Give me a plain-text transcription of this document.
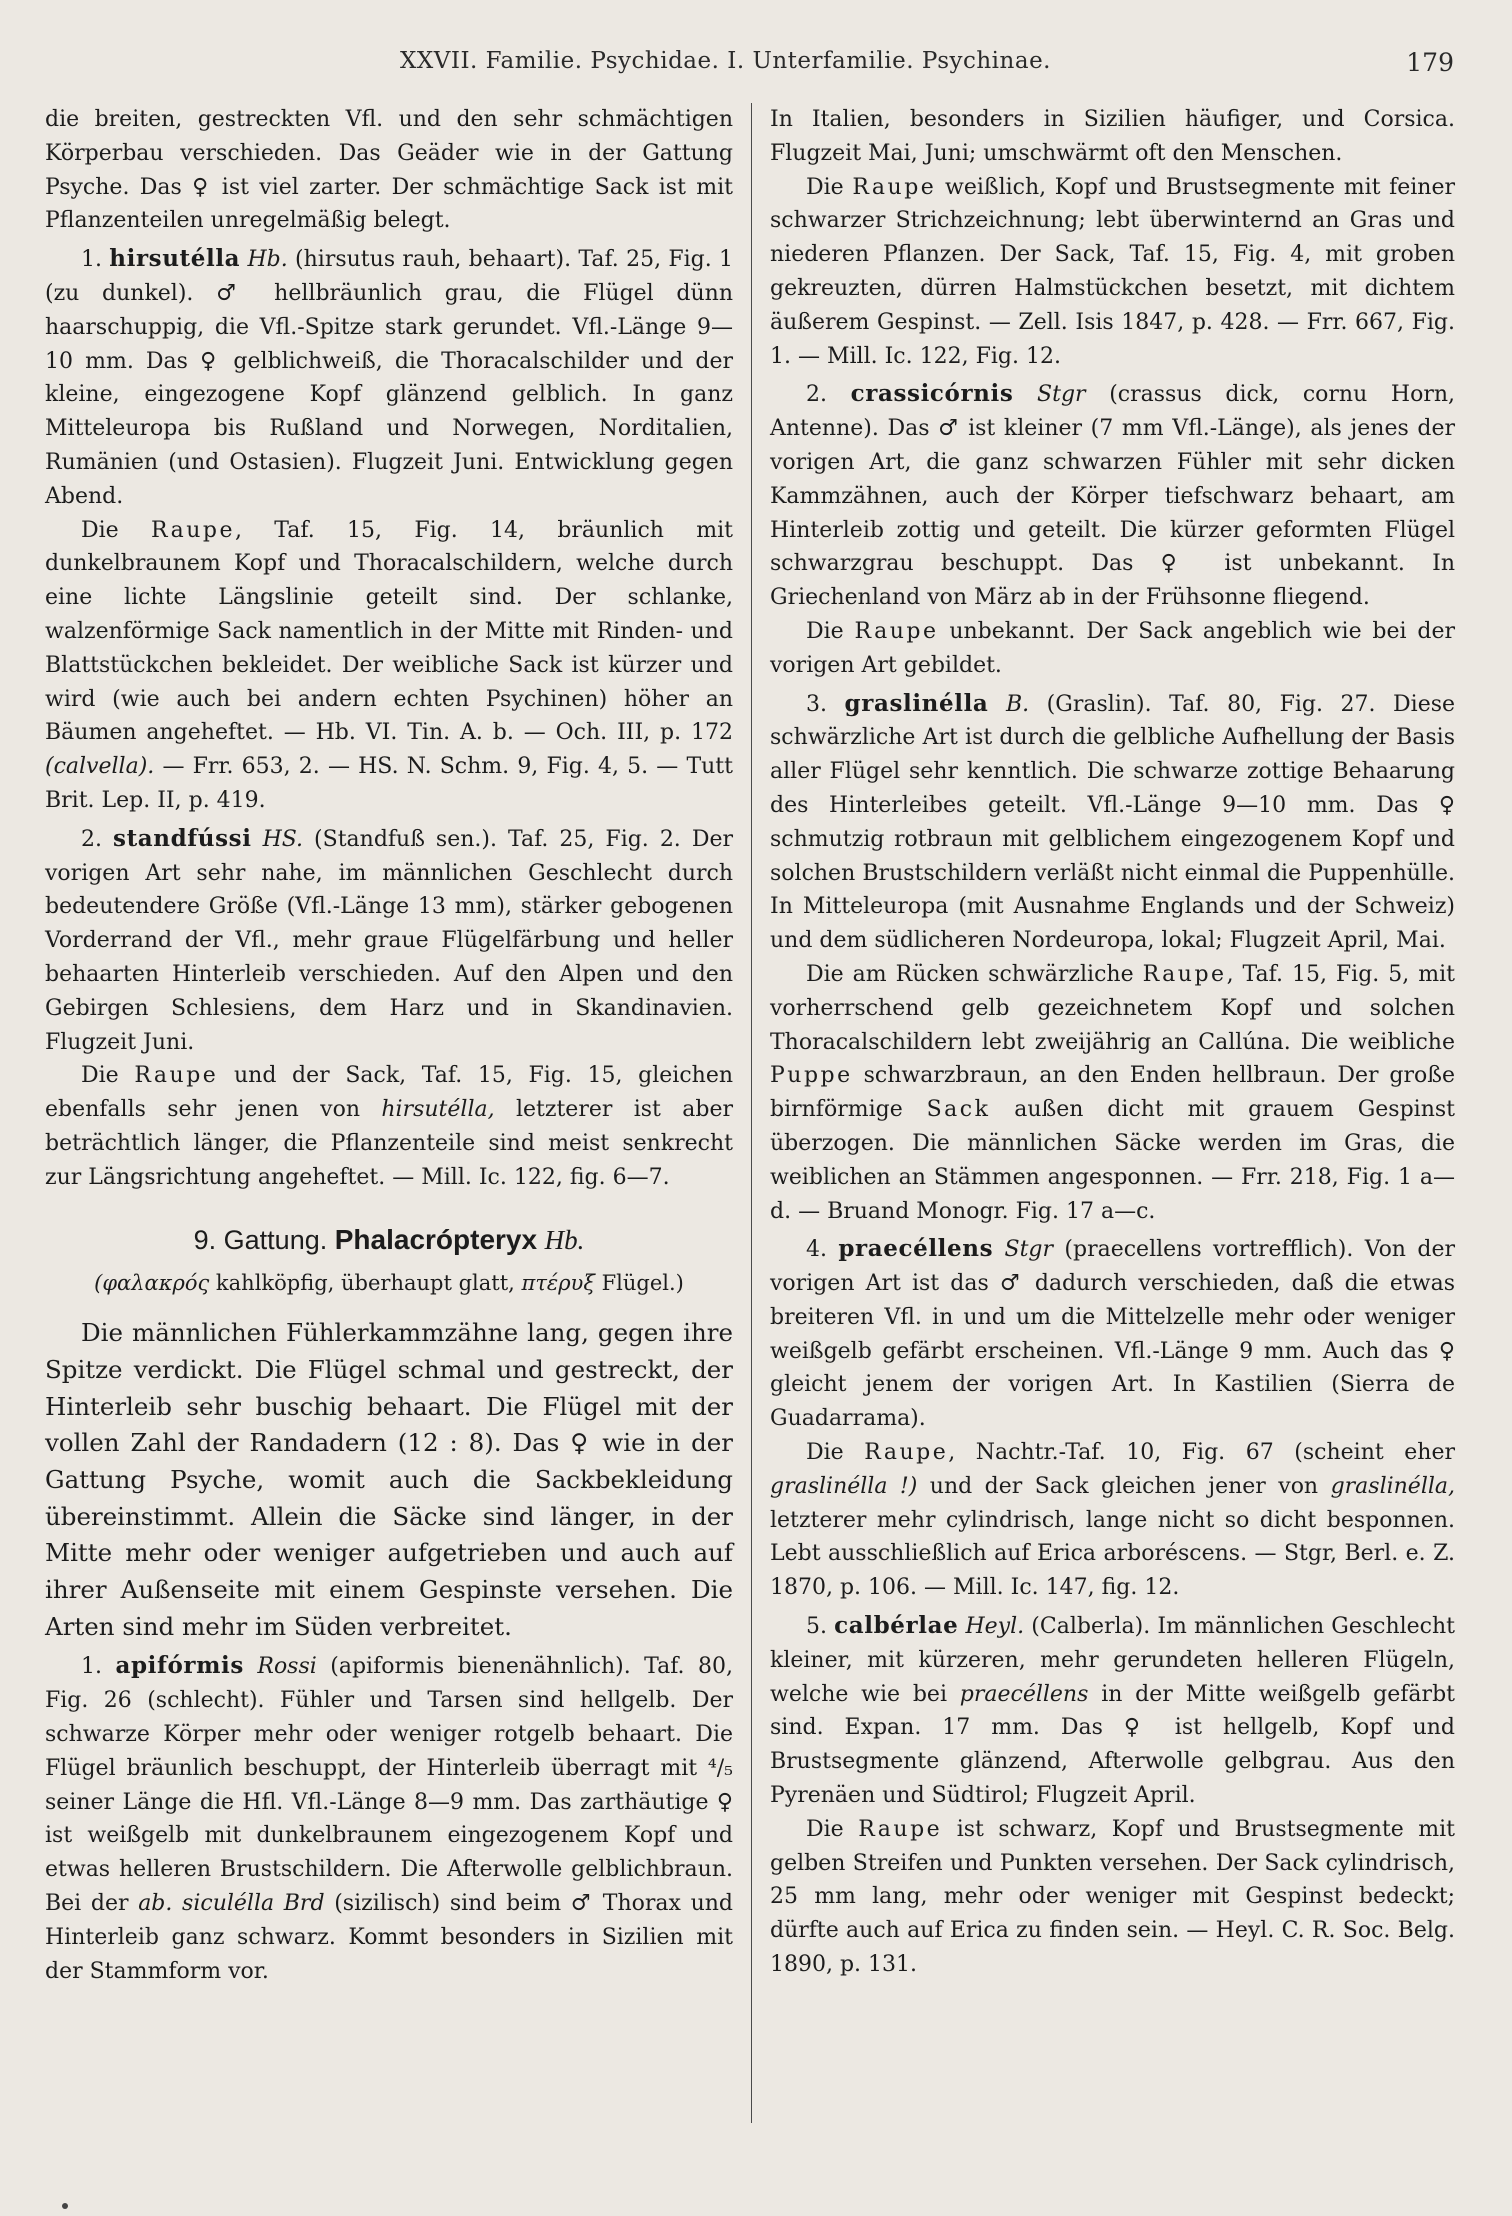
XXVII. Familie. Psychidae. I. Unterfamilie. Psychinae.	179

die breiten, gestreckten Vfl. und den sehr schmächtigen Körperbau verschieden. Das Geäder wie in der Gattung Psyche. Das ♀ ist viel zarter. Der schmächtige Sack ist mit Pflanzenteilen unregelmäßig belegt.

1. hirsutélla Hb. (hirsutus rauh, behaart). Taf. 25, Fig. 1 (zu dunkel). ♂ hellbräunlich grau, die Flügel dünn haarschuppig, die Vfl.-Spitze stark gerundet. Vfl.-Länge 9—10 mm. Das ♀ gelblichweiß, die Thoracalschilder und der kleine, eingezogene Kopf glänzend gelblich. In ganz Mitteleuropa bis Rußland und Norwegen, Norditalien, Rumänien (und Ostasien). Flugzeit Juni. Entwicklung gegen Abend.

Die Raupe, Taf. 15, Fig. 14, bräunlich mit dunkelbraunem Kopf und Thoracalschildern, welche durch eine lichte Längslinie geteilt sind. Der schlanke, walzenförmige Sack namentlich in der Mitte mit Rinden- und Blattstückchen bekleidet. Der weibliche Sack ist kürzer und wird (wie auch bei andern echten Psychinen) höher an Bäumen angeheftet. — Hb. VI. Tin. A. b. — Och. III, p. 172 (calvella). — Frr. 653, 2. — HS. N. Schm. 9, Fig. 4, 5. — Tutt Brit. Lep. II, p. 419.

2. standfússi HS. (Standfuß sen.). Taf. 25, Fig. 2. Der vorigen Art sehr nahe, im männlichen Geschlecht durch bedeutendere Größe (Vfl.-Länge 13 mm), stärker gebogenen Vorderrand der Vfl., mehr graue Flügelfärbung und heller behaarten Hinterleib verschieden. Auf den Alpen und den Gebirgen Schlesiens, dem Harz und in Skandinavien. Flugzeit Juni.

Die Raupe und der Sack, Taf. 15, Fig. 15, gleichen ebenfalls sehr jenen von hirsutélla, letzterer ist aber beträchtlich länger, die Pflanzenteile sind meist senkrecht zur Längsrichtung angeheftet. — Mill. Ic. 122, fig. 6—7.

9. Gattung. Phalacrópteryx Hb.
(φαλακρός kahlköpfig, überhaupt glatt, πτέρυξ Flügel.)

Die männlichen Fühlerkammzähne lang, gegen ihre Spitze verdickt. Die Flügel schmal und gestreckt, der Hinterleib sehr buschig behaart. Die Flügel mit der vollen Zahl der Randadern (12 : 8). Das ♀ wie in der Gattung Psyche, womit auch die Sackbekleidung übereinstimmt. Allein die Säcke sind länger, in der Mitte mehr oder weniger aufgetrieben und auch auf ihrer Außenseite mit einem Gespinste versehen. Die Arten sind mehr im Süden verbreitet.

1. apifórmis Rossi (apiformis bienenähnlich). Taf. 80, Fig. 26 (schlecht). Fühler und Tarsen sind hellgelb. Der schwarze Körper mehr oder weniger rotgelb behaart. Die Flügel bräunlich beschuppt, der Hinterleib überragt mit ⁴/₅ seiner Länge die Hfl. Vfl.-Länge 8—9 mm. Das zarthäutige ♀ ist weißgelb mit dunkelbraunem eingezogenem Kopf und etwas helleren Brustschildern. Die Afterwolle gelblichbraun. Bei der ab. siculélla Brd (sizilisch) sind beim ♂ Thorax und Hinterleib ganz schwarz. Kommt besonders in Sizilien mit der Stammform vor.

In Italien, besonders in Sizilien häufiger, und Corsica. Flugzeit Mai, Juni; umschwärmt oft den Menschen.

Die Raupe weißlich, Kopf und Brustsegmente mit feiner schwarzer Strichzeichnung; lebt überwinternd an Gras und niederen Pflanzen. Der Sack, Taf. 15, Fig. 4, mit groben gekreuzten, dürren Halmstückchen besetzt, mit dichtem äußerem Gespinst. — Zell. Isis 1847, p. 428. — Frr. 667, Fig. 1. — Mill. Ic. 122, Fig. 12.

2. crassicórnis Stgr (crassus dick, cornu Horn, Antenne). Das ♂ ist kleiner (7 mm Vfl.-Länge), als jenes der vorigen Art, die ganz schwarzen Fühler mit sehr dicken Kammzähnen, auch der Körper tiefschwarz behaart, am Hinterleib zottig und geteilt. Die kürzer geformten Flügel schwarzgrau beschuppt. Das ♀ ist unbekannt. In Griechenland von März ab in der Frühsonne fliegend.

Die Raupe unbekannt. Der Sack angeblich wie bei der vorigen Art gebildet.

3. graslinélla B. (Graslin). Taf. 80, Fig. 27. Diese schwärzliche Art ist durch die gelbliche Aufhellung der Basis aller Flügel sehr kenntlich. Die schwarze zottige Behaarung des Hinterleibes geteilt. Vfl.-Länge 9—10 mm. Das ♀ schmutzig rotbraun mit gelblichem eingezogenem Kopf und solchen Brustschildern verläßt nicht einmal die Puppenhülle. In Mitteleuropa (mit Ausnahme Englands und der Schweiz) und dem südlicheren Nordeuropa, lokal; Flugzeit April, Mai.

Die am Rücken schwärzliche Raupe, Taf. 15, Fig. 5, mit vorherrschend gelb gezeichnetem Kopf und solchen Thoracalschildern lebt zweijährig an Callúna. Die weibliche Puppe schwarzbraun, an den Enden hellbraun. Der große birnförmige Sack außen dicht mit grauem Gespinst überzogen. Die männlichen Säcke werden im Gras, die weiblichen an Stämmen angesponnen. — Frr. 218, Fig. 1 a—d. — Bruand Monogr. Fig. 17 a—c.

4. praecéllens Stgr (praecellens vortrefflich). Von der vorigen Art ist das ♂ dadurch verschieden, daß die etwas breiteren Vfl. in und um die Mittelzelle mehr oder weniger weißgelb gefärbt erscheinen. Vfl.-Länge 9 mm. Auch das ♀ gleicht jenem der vorigen Art. In Kastilien (Sierra de Guadarrama).

Die Raupe, Nachtr.-Taf. 10, Fig. 67 (scheint eher graslinélla !) und der Sack gleichen jener von graslinélla, letzterer mehr cylindrisch, lange nicht so dicht besponnen. Lebt ausschließlich auf Erica arboréscens. — Stgr, Berl. e. Z. 1870, p. 106. — Mill. Ic. 147, fig. 12.

5. calbérlae Heyl. (Calberla). Im männlichen Geschlecht kleiner, mit kürzeren, mehr gerundeten helleren Flügeln, welche wie bei praecéllens in der Mitte weißgelb gefärbt sind. Expan. 17 mm. Das ♀ ist hellgelb, Kopf und Brustsegmente glänzend, Afterwolle gelbgrau. Aus den Pyrenäen und Südtirol; Flugzeit April.

Die Raupe ist schwarz, Kopf und Brustsegmente mit gelben Streifen und Punkten versehen. Der Sack cylindrisch, 25 mm lang, mehr oder weniger mit Gespinst bedeckt; dürfte auch auf Erica zu finden sein. — Heyl. C. R. Soc. Belg. 1890, p. 131.
